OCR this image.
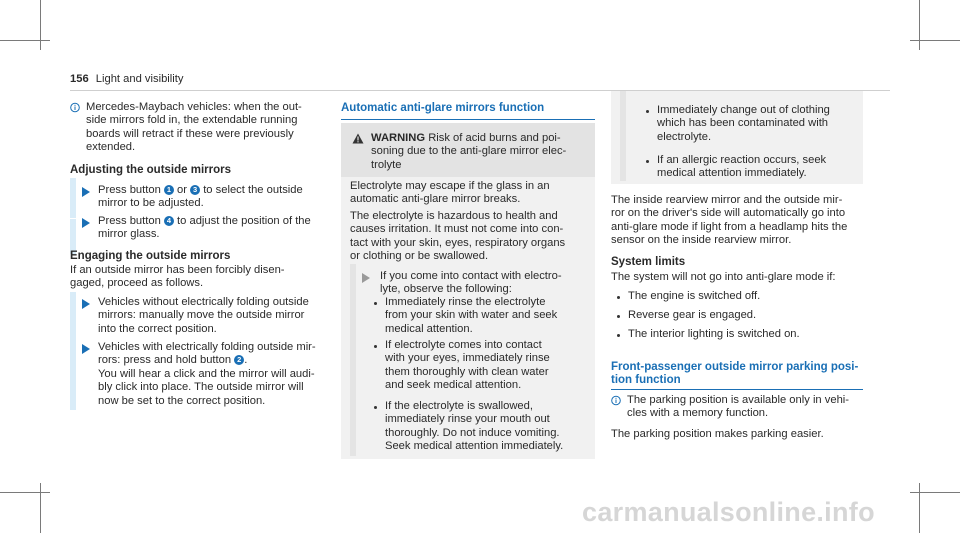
156 Light and visibility
Mercedes-Maybach vehicles: when the out-
side mirrors fold in, the extendable running
boards will retract if these were previously
extended.
Adjusting the outside mirrors
Press button 1 or 3 to select the outside
mirror to be adjusted.
Press button 4 to adjust the position of the
mirror glass.
Engaging the outside mirrors
If an outside mirror has been forcibly disen-
gaged, proceed as follows.
Vehicles without electrically folding outside
mirrors: manually move the outside mirror
into the correct position.
Vehicles with electrically folding outside mir-
rors: press and hold button 2 .
You will hear a click and the mirror will audi-
bly click into place. The outside mirror will
now be set to the correct position.
Automatic anti-glare mirrors function
WARNING Risk of acid burns and poi-
soning due to the anti-glare mirror elec-
trolyte
Electrolyte may escape if the glass in an
automatic anti-glare mirror breaks.
The electrolyte is hazardous to health and
causes irritation. It must not come into con-
tact with your skin, eyes, respiratory organs
or clothing or be swallowed.
If you come into contact with electro-
lyte, observe the following:
Immediately rinse the electrolyte
from your skin with water and seek
medical attention.
If electrolyte comes into contact
with your eyes, immediately rinse
them thoroughly with clean water
and seek medical attention.
If the electrolyte is swallowed,
immediately rinse your mouth out
thoroughly. Do not induce vomiting.
Seek medical attention immediately.
Immediately change out of clothing
which has been contaminated with
electrolyte.
If an allergic reaction occurs, seek
medical attention immediately.
The inside rearview mirror and the outside mir-
ror on the driver's side will automatically go into
anti-glare mode if light from a headlamp hits the
sensor on the inside rearview mirror.
System limits
The system will not go into anti-glare mode if:
The engine is switched off.
Reverse gear is engaged.
The interior lighting is switched on.
Front-passenger outside mirror parking posi-
tion function
The parking position is available only in vehi-
cles with a memory function.
The parking position makes parking easier.
carmanualsonline.info
